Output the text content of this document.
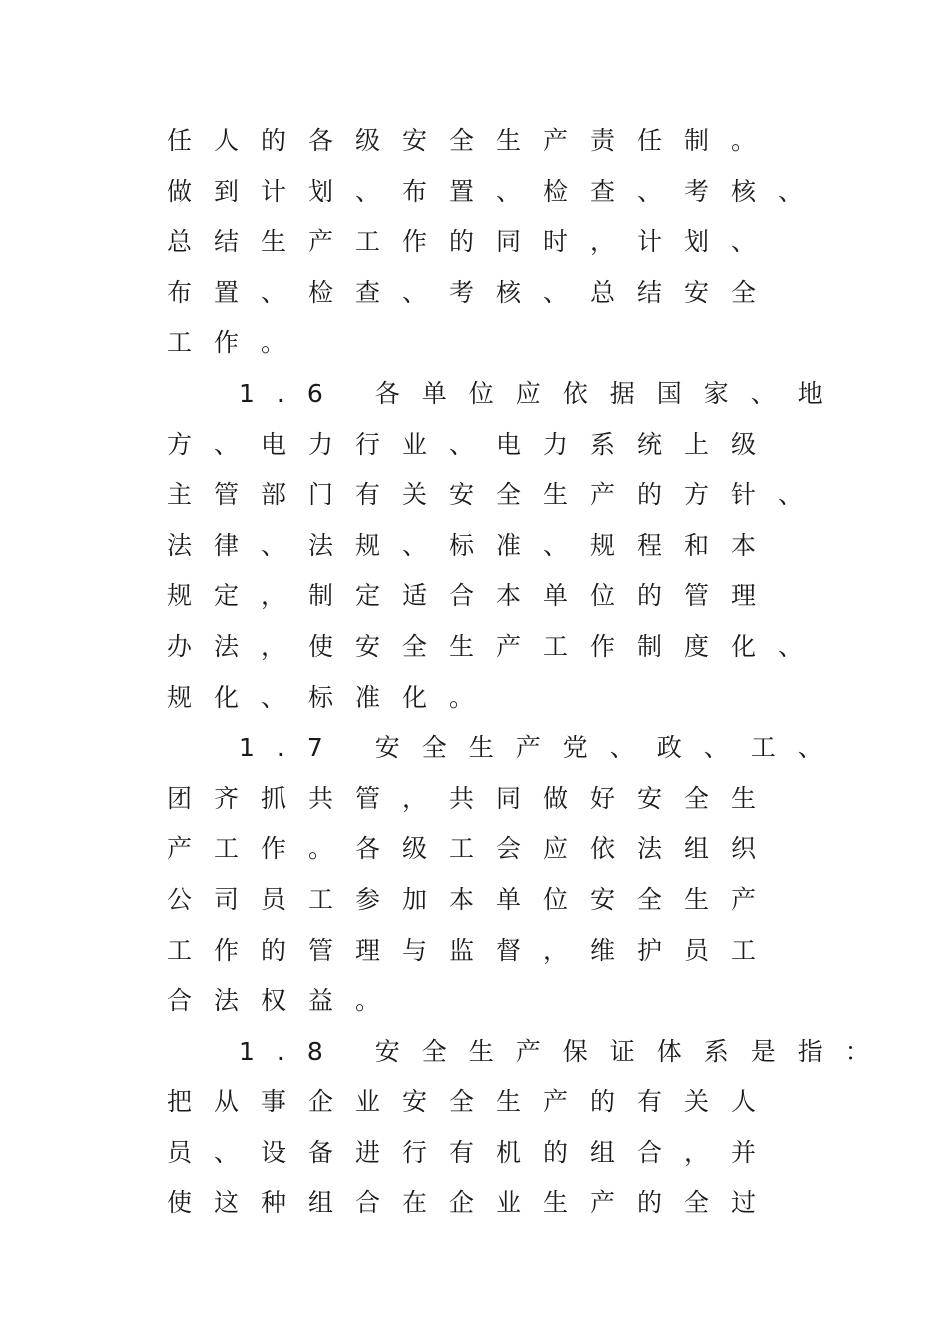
任人的各级安全生产责任制。
做到计划、布置、检查、考核、
总结生产工作的同时，计划、
布置、检查、考核、总结安全
工作。
1.6 各单位应依据国家、地
方、电力行业、电力系统上级
主管部门有关安全生产的方针、
法律、法规、标准、规程和本
规定，制定适合本单位的管理
办法，使安全生产工作制度化、
规化、标准化。
1.7 安全生产党、政、工、
团齐抓共管，共同做好安全生
产工作。各级工会应依法组织
公司员工参加本单位安全生产
工作的管理与监督，维护员工
合法权益。
1.8 安全生产保证体系是指：
把从事企业安全生产的有关人
员、设备进行有机的组合，并
使这种组合在企业生产的全过
